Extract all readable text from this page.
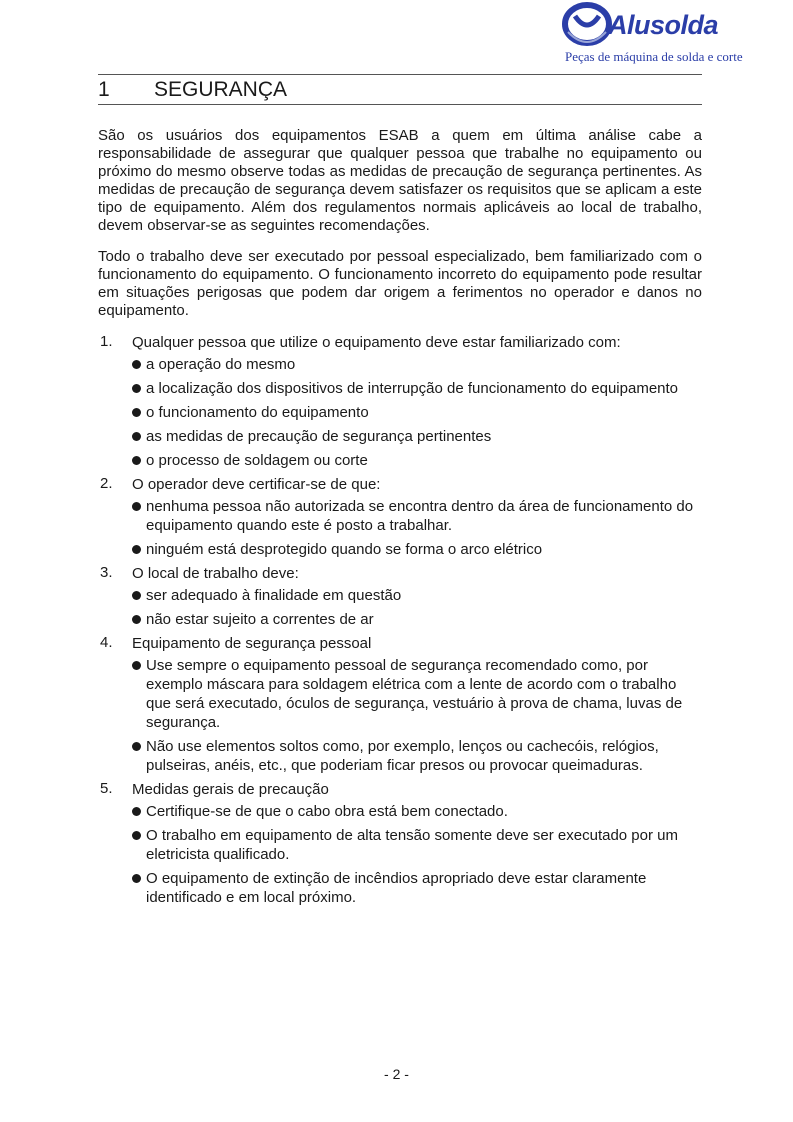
Alusolda
Peças de máquina de solda e corte
1 SEGURANÇA

São os usuários dos equipamentos ESAB a quem em última análise cabe a responsabilidade de assegurar que qualquer pessoa que trabalhe no equipamento ou próximo do mesmo observe todas as medidas de precaução de segurança pertinentes. As medidas de precaução de segurança devem satisfazer os requisitos que se aplicam a este tipo de equipamento. Além dos regulamentos normais aplicáveis ao local de trabalho, devem observar-se as seguintes recomendações.

Todo o trabalho deve ser executado por pessoal especializado, bem familiarizado com o funcionamento do equipamento. O funcionamento incorreto do equipamento pode resultar em situações perigosas que podem dar origem a ferimentos no operador e danos no equipamento.

1. Qualquer pessoa que utilize o equipamento deve estar familiarizado com:
a operação do mesmo
a localização dos dispositivos de interrupção de funcionamento do equipamento
o funcionamento do equipamento
as medidas de precaução de segurança pertinentes
o processo de soldagem ou corte
2. O operador deve certificar-se de que:
nenhuma pessoa não autorizada se encontra dentro da área de funcionamento do equipamento quando este é posto a trabalhar.
ninguém está desprotegido quando se forma o arco elétrico
3. O local de trabalho deve:
ser adequado à finalidade em questão
não estar sujeito a correntes de ar
4. Equipamento de segurança pessoal
Use sempre o equipamento pessoal de segurança recomendado como, por exemplo máscara para soldagem elétrica com a lente de acordo com o trabalho que será executado, óculos de segurança, vestuário à prova de chama, luvas de segurança.
Não use elementos soltos como, por exemplo, lenços ou cachecóis, relógios, pulseiras, anéis, etc., que poderiam ficar presos ou provocar queimaduras.
5. Medidas gerais de precaução
Certifique-se de que o cabo obra está bem conectado.
O trabalho em equipamento de alta tensão somente deve ser executado por um eletricista qualificado.
O equipamento de extinção de incêndios apropriado deve estar claramente identificado e em local próximo.
- 2 -
